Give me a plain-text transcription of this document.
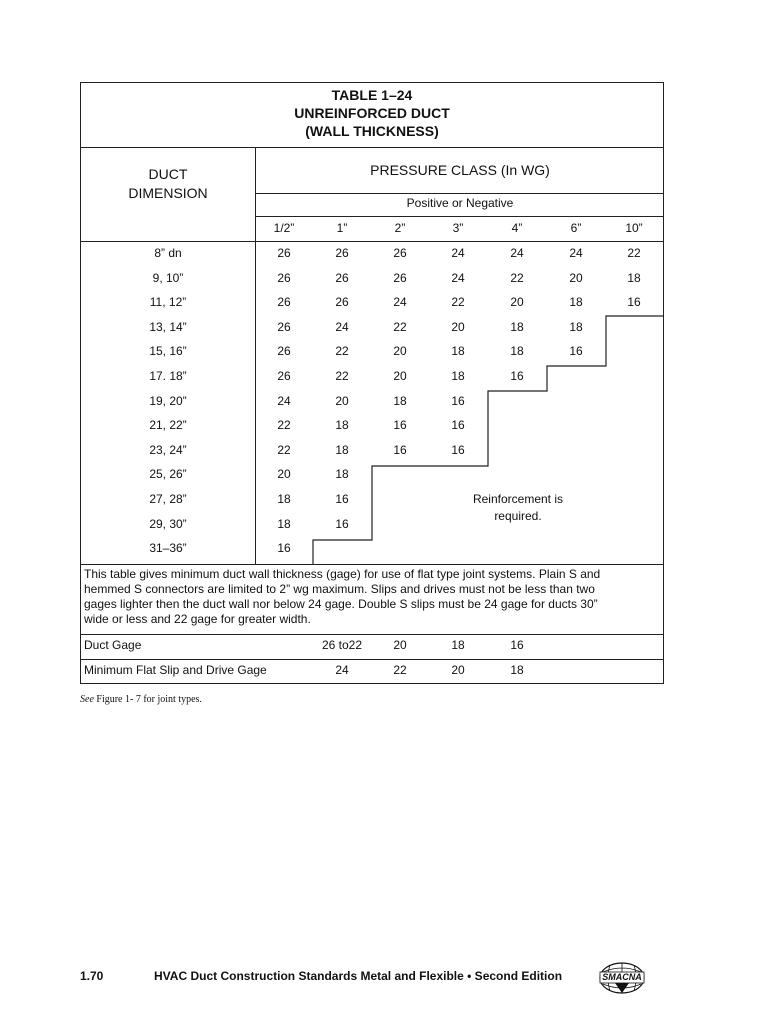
TABLE 1–24
UNREINFORCED DUCT
(WALL THICKNESS)
DUCT
DIMENSION
PRESSURE CLASS (In WG)
Positive or Negative
1/2”	1”	2”	3”	4”	6”	10”
8” dn	26	26	26	24	24	24	22
9, 10”	26	26	26	24	22	20	18
11, 12”	26	26	24	22	20	18	16
13, 14”	26	24	22	20	18	18
15, 16”	26	22	20	18	18	16
17. 18”	26	22	20	18	16
19, 20”	24	20	18	16
21, 22”	22	18	16	16
23, 24”	22	18	16	16
25, 26”	20	18
27, 28”	18	16
29, 30”	18	16
31–36”	16
Reinforcement is
required.
This table gives minimum duct wall thickness (gage) for use of flat type joint systems. Plain S and
hemmed S connectors are limited to 2” wg maximum. Slips and drives must not be less than two
gages lighter then the duct wall nor below 24 gage. Double S slips must be 24 gage for ducts 30”
wide or less and 22 gage for greater width.
Duct Gage	26 to22	20	18	16
Minimum Flat Slip and Drive Gage	24	22	20	18
See Figure 1- 7 for joint types.
1.70	HVAC Duct Construction Standards Metal and Flexible • Second Edition	SMACNA
